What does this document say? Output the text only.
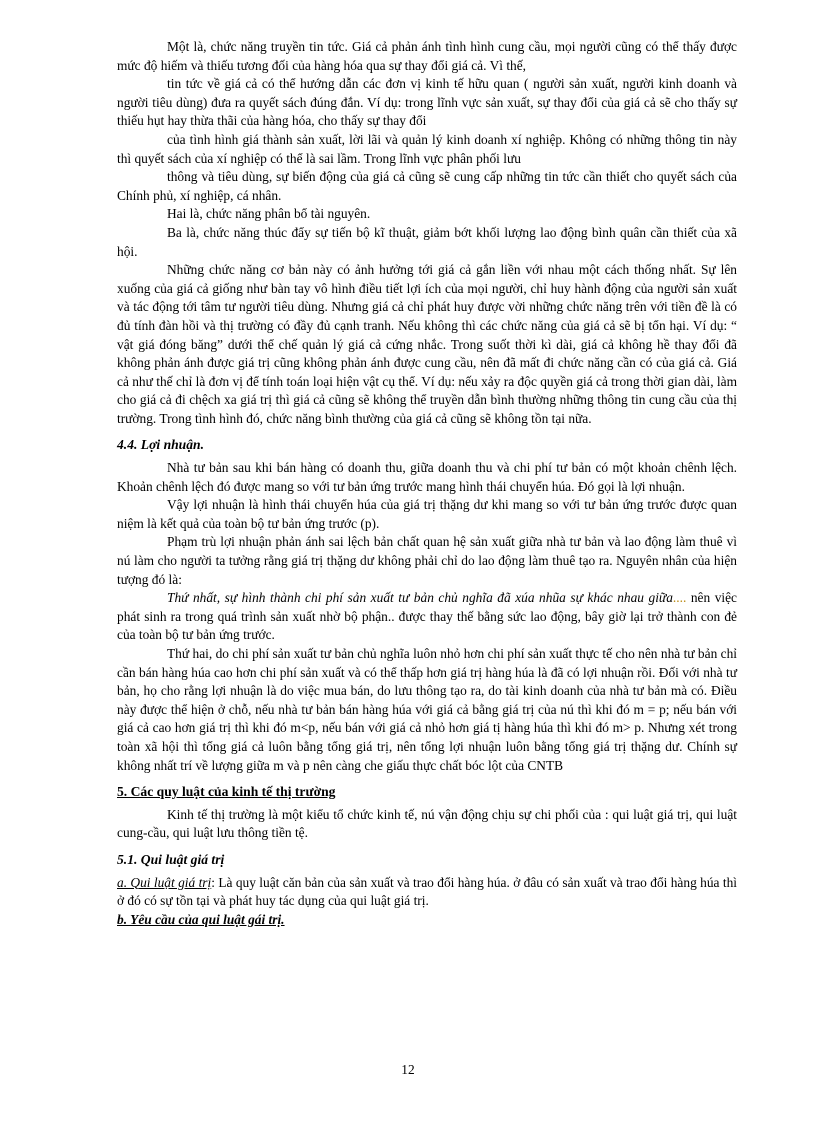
Một là, chức năng truyền tin tức. Giá cả phản ánh tình hình cung cầu, mọi người cũng có thể thấy được mức độ hiếm và thiếu tương đối của hàng hóa qua sự thay đổi giá cả. Vì thế,

tin tức về giá cả có thể hướng dẫn các đơn vị kinh tế hữu quan ( người sản xuất, người kinh doanh và người tiêu dùng) đưa ra quyết sách đúng đắn. Ví dụ: trong lĩnh vực sản xuất, sự thay đổi của giá cả sẽ cho thấy sự thiếu hụt hay thừa thãi của hàng hóa, cho thấy sự thay đổi

của tình hình giá thành sản xuất, lời lãi và quản lý kinh doanh xí nghiệp. Không có những thông tin này thì quyết sách của xí nghiệp có thể là sai lầm. Trong lĩnh vực phân phối lưu

thông và tiêu dùng, sự biến động của giá cả cũng sẽ cung cấp những tin tức cần thiết cho quyết sách của Chính phủ, xí nghiệp, cá nhân.

Hai là, chức năng phân bổ tài nguyên.

Ba là, chức năng thúc đẩy sự tiến bộ kĩ thuật, giảm bớt khối lượng lao động bình quân cần thiết của xã hội.

Những chức năng cơ bản này có ảnh hưởng tới giá cả gắn liền với nhau một cách thống nhất. Sự lên xuống của giá cả giống như bàn tay vô hình điều tiết lợi ích của mọi người, chỉ huy hành động của người sản xuất và tác động tới tâm tư người tiêu dùng. Nhưng giá cả chỉ phát huy được vời những chức năng trên với tiền đề là có đủ tính đàn hồi và thị trường có đầy đủ cạnh tranh. Nếu không thì các chức năng của giá cả sẽ bị tổn hại. Ví dụ: “ vật giá đóng băng” dưới thể chế quản lý giá cả cứng nhắc. Trong suốt thời kì dài, giá cả không hề thay đổi đã không phản ánh được giá trị cũng không phản ánh được cung cầu, nên đã mất đi chức năng cần có của giá cả. Giá cả như thế chỉ là đơn vị để tính toán loại hiện vật cụ thể. Ví dụ: nếu xảy ra độc quyền giá cả trong thời gian dài, làm cho giá cả đi chệch xa giá trị thì giá cả cũng sẽ không thể truyền dẫn bình thường những thông tin cung cầu của thị trường. Trong tình hình đó, chức năng bình thường của giá cả cũng sẽ không tồn tại nữa.

4.4. Lợi nhuận.

Nhà tư bản sau khi bán hàng có doanh thu, giữa doanh thu và chi phí tư bản có một khoản chênh lệch. Khoản chênh lệch đó được mang so với tư bản ứng trước mang hình thái chuyển húa. Đó gọi là lợi nhuận.

Vậy lợi nhuận là hình thái chuyển húa của giá trị thặng dư khi mang so với tư bản ứng trước được quan niệm là kết quả của toàn bộ tư bản ứng trước (p).

Phạm trù lợi nhuận phản ánh sai lệch bản chất quan hệ sản xuất giữa nhà tư bản và lao động làm thuê vì nú làm cho người ta tưởng rằng giá trị thặng dư không phải chỉ do lao động làm thuê tạo ra. Nguyên nhân của hiện tượng đó là:

Thứ nhất, sự hình thành chi phí sản xuất tư bản chủ nghĩa đã xúa nhũa sự khác nhau giữa.... nên việc phát sinh ra trong quá trình sản xuất nhờ bộ phận.. được thay thế bằng sức lao động, bây giờ lại trở thành con đẻ của toàn bộ tư bản ứng trước.

Thứ hai, do chi phí sản xuất tư bản chủ nghĩa luôn nhỏ hơn chi phí sản xuất thực tế cho nên nhà tư bản chỉ cần bán hàng húa cao hơn chi phí sản xuất và có thể thấp hơn giá trị hàng húa là đã có lợi nhuận rồi. Đối với nhà tư bản, họ cho rằng lợi nhuận là do việc mua bán, do lưu thông tạo ra, do tài kinh doanh của nhà tư bản mà có. Điều này được thể hiện ở chỗ, nếu nhà tư bản bán hàng húa với giá cả bằng giá trị của nú thì khi đó m = p; nếu bán với giá cả cao hơn giá trị thì khi đó m<p, nếu bán với giá cả nhỏ hơn giá tị hàng húa thì khi đó m> p. Nhưng xét trong toàn xã hội thì tổng giá cả luôn bằng tổng giá trị, nên tổng lợi nhuận luôn bằng tổng giá trị thặng dư. Chính sự không nhất trí về lượng giữa m và p nên càng che giấu thực chất bóc lột của CNTB

5. Các quy luật của kinh tế thị trường

Kinh tế thị trường là một kiểu tổ chức kinh tế, nú vận động chịu sự chi phối của : qui luật giá trị, qui luật cung-cầu, qui luật lưu thông tiền tệ.

5.1. Qui luật giá trị

a. Qui luật giá trị: Là quy luật căn bản của sản xuất và trao đổi hàng húa. ở đâu có sản xuất và trao đổi hàng húa thì ở đó có sự tồn tại và phát huy tác dụng của qui luật giá trị.

b. Yêu cầu của qui luật gái trị.

12
